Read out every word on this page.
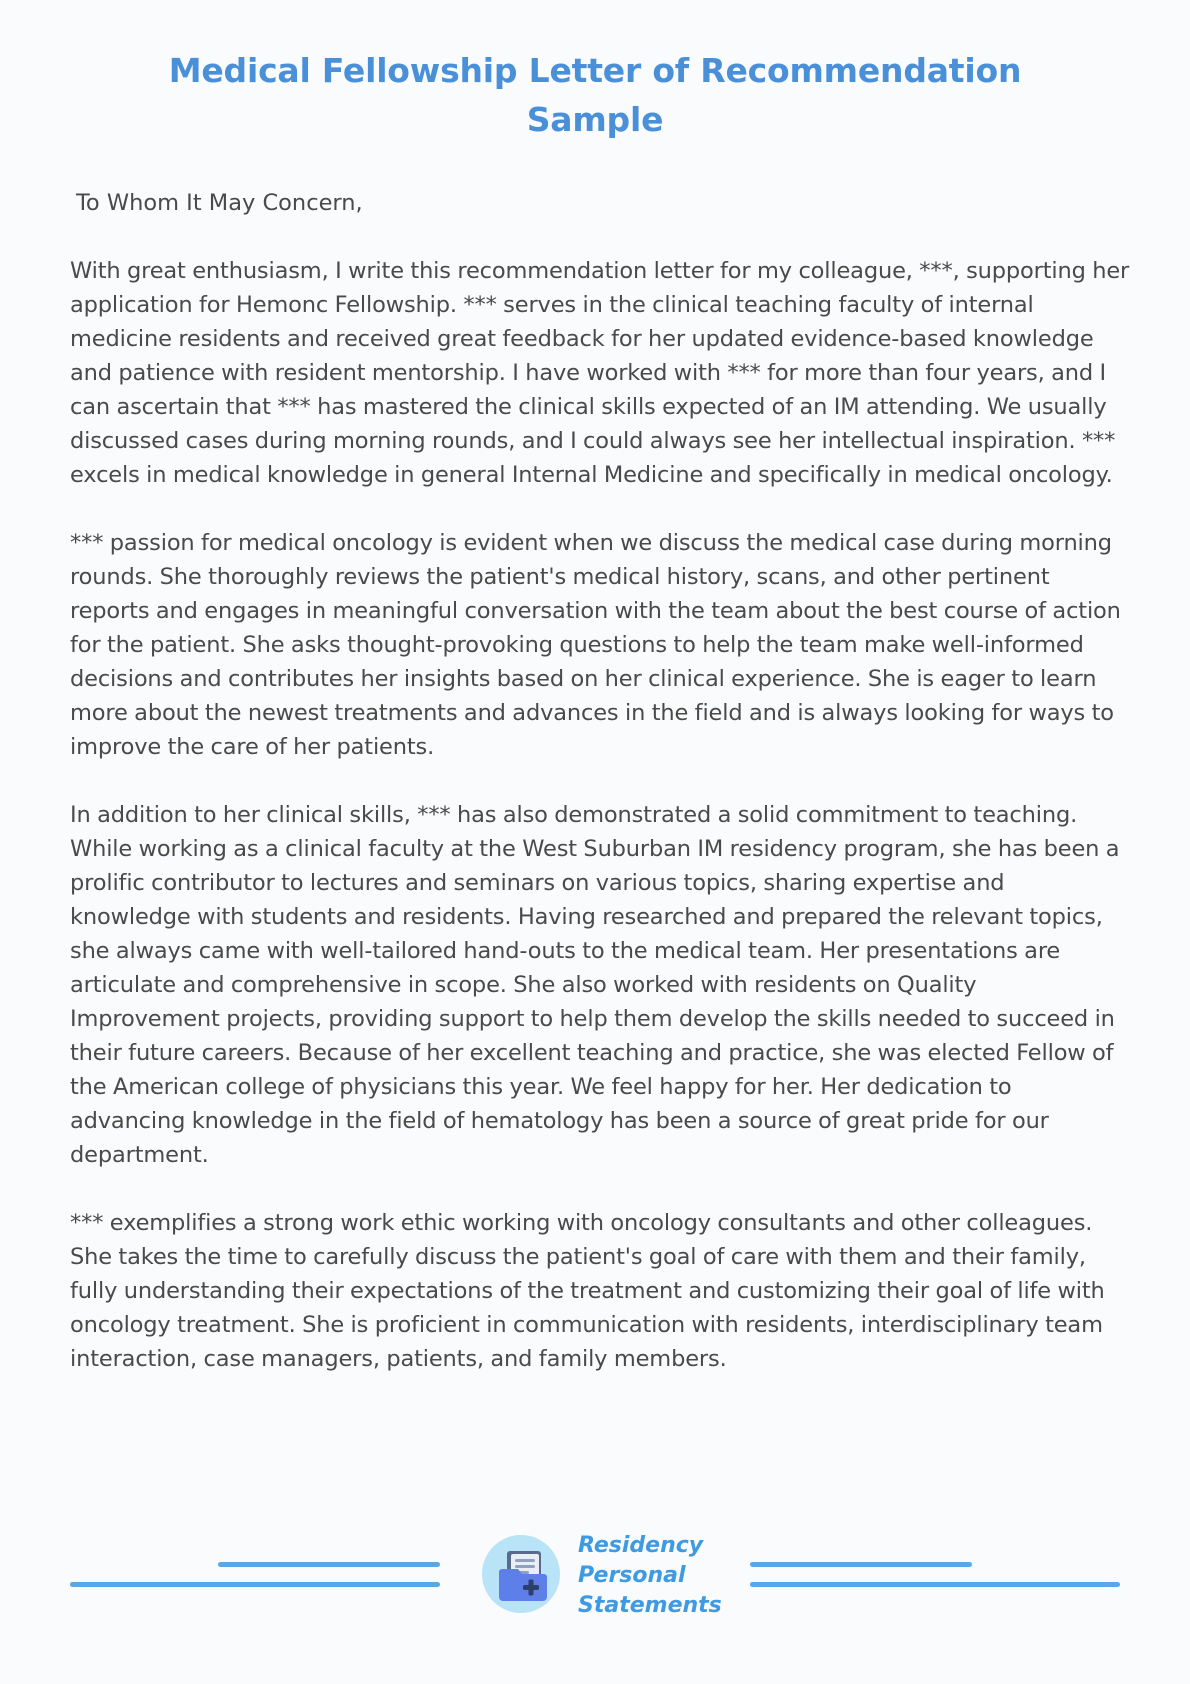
Medical Fellowship Letter of Recommendation
Sample
To Whom It May Concern,

With great enthusiasm, I write this recommendation letter for my colleague, ***, supporting her application for Hemonc Fellowship. *** serves in the clinical teaching faculty of internal medicine residents and received great feedback for her updated evidence-based knowledge and patience with resident mentorship. I have worked with *** for more than four years, and I can ascertain that *** has mastered the clinical skills expected of an IM attending. We usually discussed cases during morning rounds, and I could always see her intellectual inspiration. *** excels in medical knowledge in general Internal Medicine and specifically in medical oncology.

*** passion for medical oncology is evident when we discuss the medical case during morning rounds. She thoroughly reviews the patient's medical history, scans, and other pertinent reports and engages in meaningful conversation with the team about the best course of action for the patient. She asks thought-provoking questions to help the team make well-informed decisions and contributes her insights based on her clinical experience. She is eager to learn more about the newest treatments and advances in the field and is always looking for ways to improve the care of her patients.

In addition to her clinical skills, *** has also demonstrated a solid commitment to teaching. While working as a clinical faculty at the West Suburban IM residency program, she has been a prolific contributor to lectures and seminars on various topics, sharing expertise and knowledge with students and residents. Having researched and prepared the relevant topics, she always came with well-tailored hand-outs to the medical team. Her presentations are articulate and comprehensive in scope. She also worked with residents on Quality Improvement projects, providing support to help them develop the skills needed to succeed in their future careers. Because of her excellent teaching and practice, she was elected Fellow of the American college of physicians this year. We feel happy for her. Her dedication to advancing knowledge in the field of hematology has been a source of great pride for our department.

*** exemplifies a strong work ethic working with oncology consultants and other colleagues. She takes the time to carefully discuss the patient's goal of care with them and their family, fully understanding their expectations of the treatment and customizing their goal of life with oncology treatment. She is proficient in communication with residents, interdisciplinary team interaction, case managers, patients, and family members.

Residency
Personal
Statements
